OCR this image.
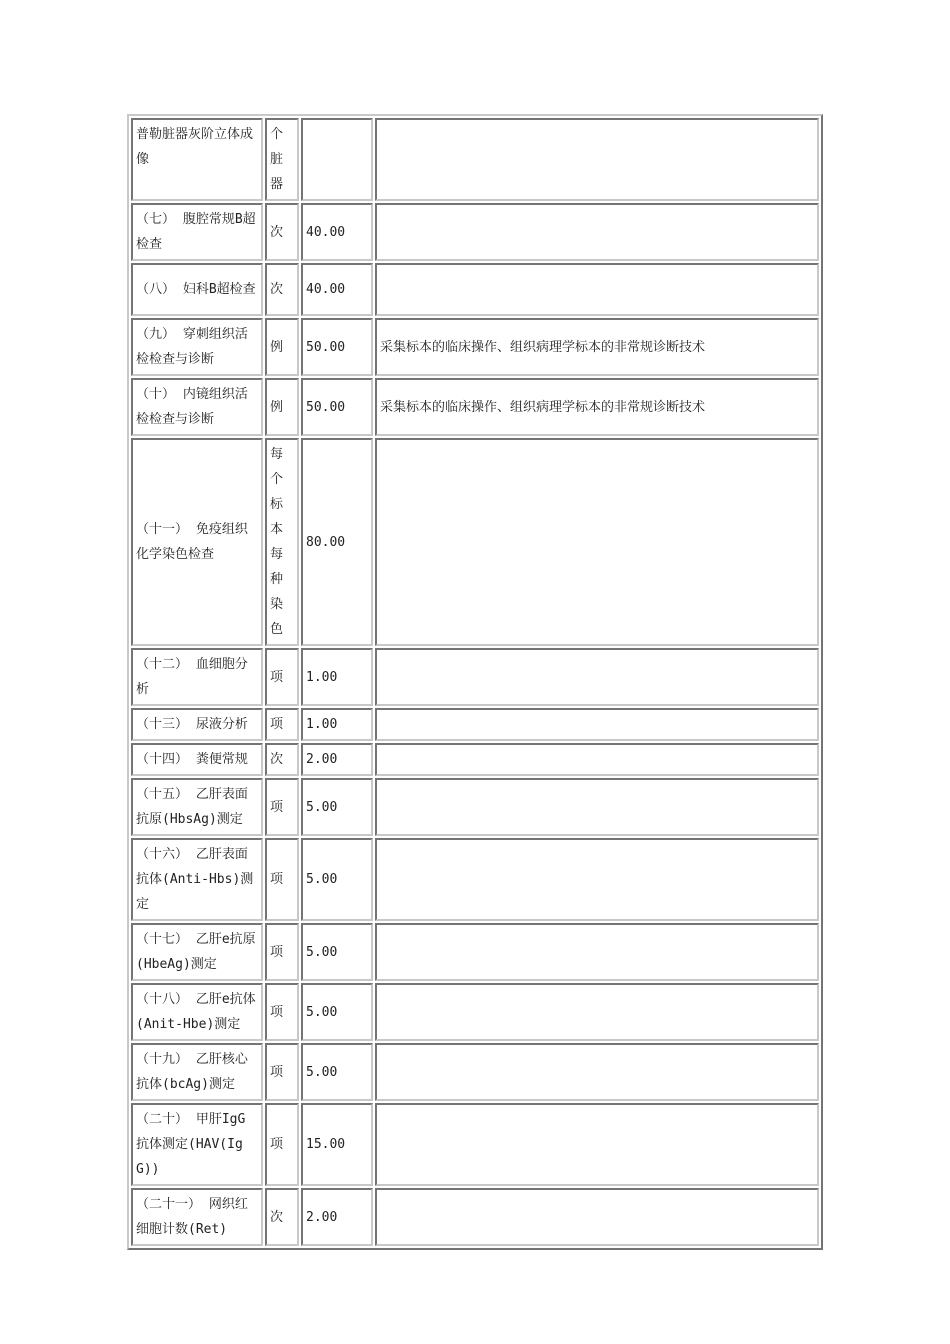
普勒脏器灰阶立体成像	个脏器		
（七） 腹腔常规B超检查	次	40.00	
（八） 妇科B超检查	次	40.00	
（九） 穿刺组织活检检查与诊断	例	50.00	采集标本的临床操作、组织病理学标本的非常规诊断技术
（十） 内镜组织活检检查与诊断	例	50.00	采集标本的临床操作、组织病理学标本的非常规诊断技术
（十一） 免疫组织化学染色检查	每个标本每种染色	80.00	
（十二） 血细胞分析	项	1.00	
（十三） 尿液分析	项	1.00	
（十四） 粪便常规	次	2.00	
（十五） 乙肝表面抗原(HbsAg)测定	项	5.00	
（十六） 乙肝表面抗体(Anti-Hbs)测定	项	5.00	
（十七） 乙肝e抗原(HbeAg)测定	项	5.00	
（十八） 乙肝e抗体(Anit-Hbe)测定	项	5.00	
（十九） 乙肝核心抗体(bcAg)测定	项	5.00	
（二十） 甲肝IgG抗体测定(HAV(IgG))	项	15.00	
（二十一） 网织红细胞计数(Ret)	次	2.00	
